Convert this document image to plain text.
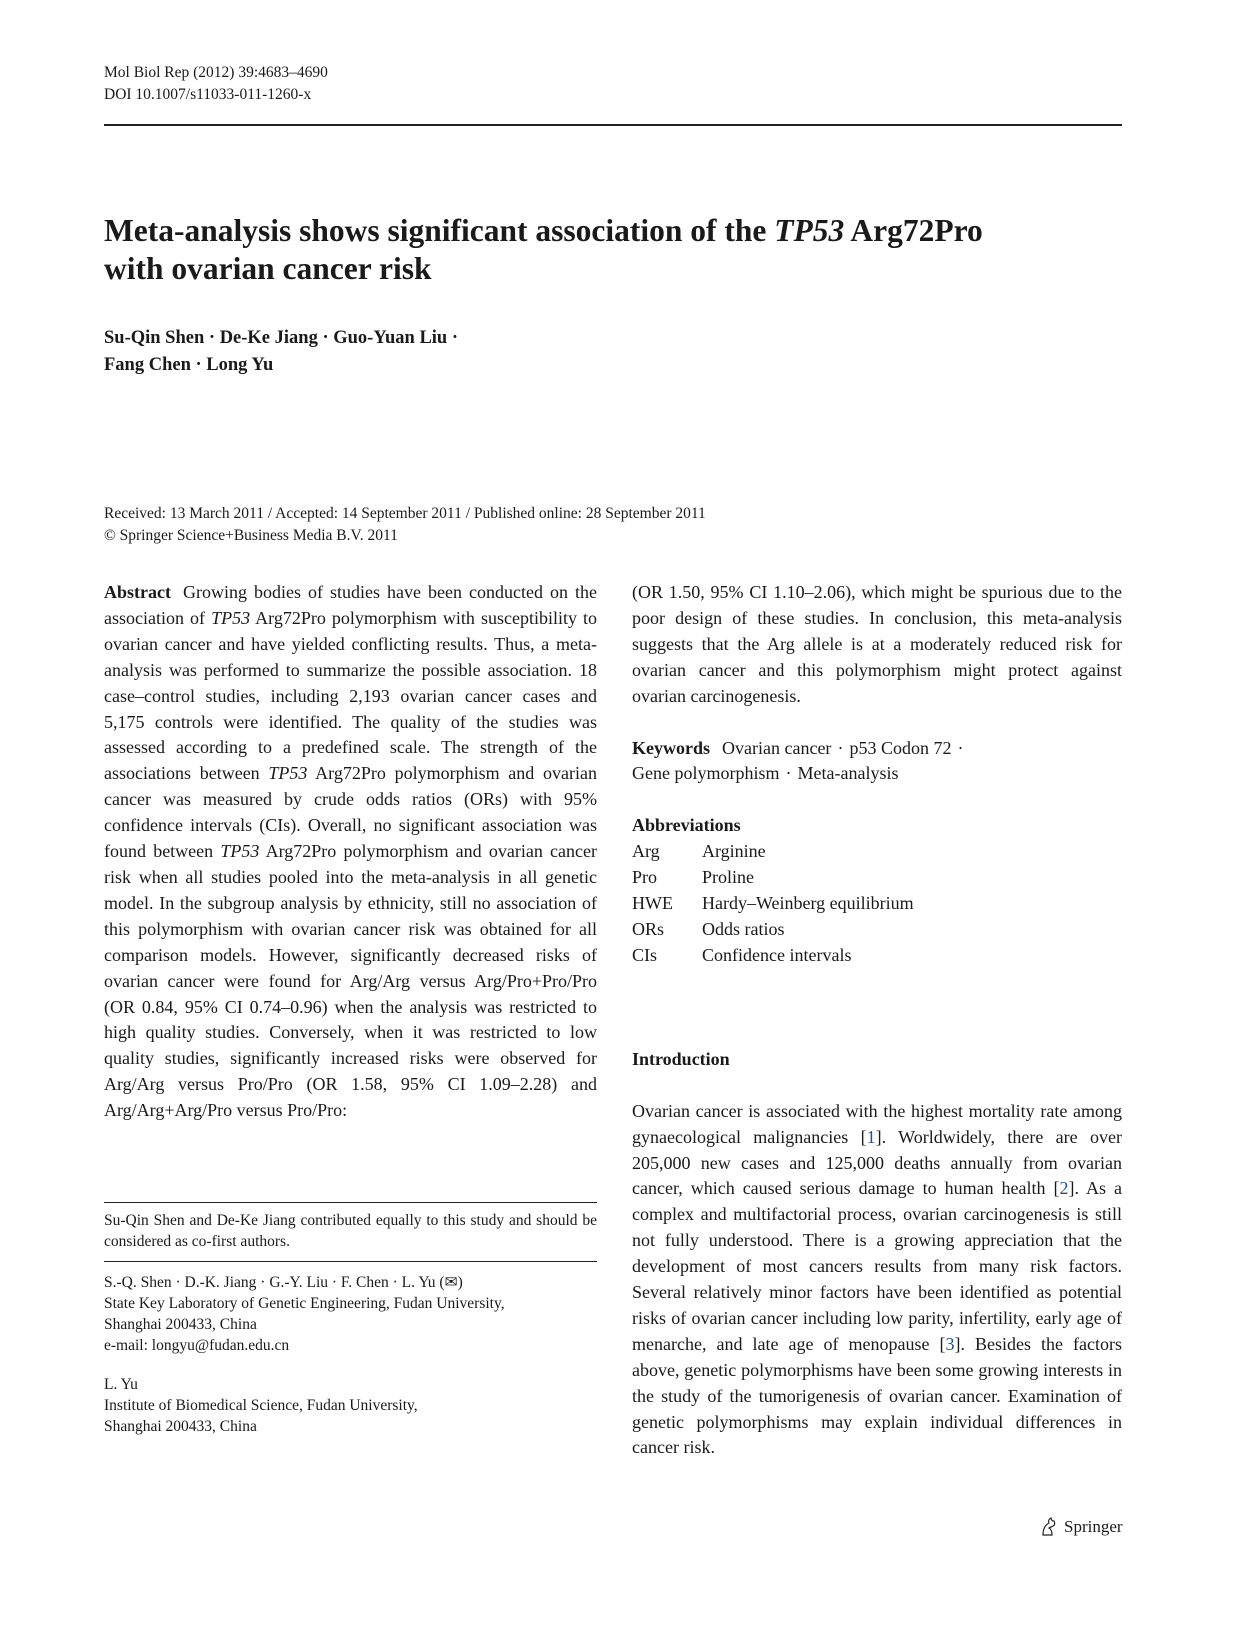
Mol Biol Rep (2012) 39:4683–4690
DOI 10.1007/s11033-011-1260-x
Meta-analysis shows significant association of the TP53 Arg72Pro
with ovarian cancer risk
Su-Qin Shen · De-Ke Jiang · Guo-Yuan Liu ·
Fang Chen · Long Yu
Received: 13 March 2011 / Accepted: 14 September 2011 / Published online: 28 September 2011
© Springer Science+Business Media B.V. 2011

Abstract Growing bodies of studies have been conducted on the association of TP53 Arg72Pro polymorphism with susceptibility to ovarian cancer and have yielded conflicting results. Thus, a meta-analysis was performed to summarize the possible association. 18 case–control studies, including 2,193 ovarian cancer cases and 5,175 controls were identified. The quality of the studies was assessed according to a predefined scale. The strength of the associations between TP53 Arg72Pro polymorphism and ovarian cancer was measured by crude odds ratios (ORs) with 95% confidence intervals (CIs). Overall, no significant association was found between TP53 Arg72Pro polymorphism and ovarian cancer risk when all studies pooled into the meta-analysis in all genetic model. In the subgroup analysis by ethnicity, still no association of this polymorphism with ovarian cancer risk was obtained for all comparison models. However, significantly decreased risks of ovarian cancer were found for Arg/Arg versus Arg/Pro+Pro/Pro (OR 0.84, 95% CI 0.74–0.96) when the analysis was restricted to high quality studies. Conversely, when it was restricted to low quality studies, significantly increased risks were observed for Arg/Arg versus Pro/Pro (OR 1.58, 95% CI 1.09–2.28) and Arg/Arg+Arg/Pro versus Pro/Pro:

Su-Qin Shen and De-Ke Jiang contributed equally to this study and should be considered as co-first authors.
S.-Q. Shen · D.-K. Jiang · G.-Y. Liu · F. Chen · L. Yu (✉)
State Key Laboratory of Genetic Engineering, Fudan University,
Shanghai 200433, China
e-mail: longyu@fudan.edu.cn
L. Yu
Institute of Biomedical Science, Fudan University,
Shanghai 200433, China

(OR 1.50, 95% CI 1.10–2.06), which might be spurious due to the poor design of these studies. In conclusion, this meta-analysis suggests that the Arg allele is at a moderately reduced risk for ovarian cancer and this polymorphism might protect against ovarian carcinogenesis.

Keywords Ovarian cancer · p53 Codon 72 ·
Gene polymorphism · Meta-analysis

Abbreviations

Arg	Arginine
Pro	Proline
HWE	Hardy–Weinberg equilibrium
ORs	Odds ratios
CIs	Confidence intervals

Introduction

Ovarian cancer is associated with the highest mortality rate among gynaecological malignancies [1]. Worldwidely, there are over 205,000 new cases and 125,000 deaths annually from ovarian cancer, which caused serious damage to human health [2]. As a complex and multifactorial process, ovarian carcinogenesis is still not fully understood. There is a growing appreciation that the development of most cancers results from many risk factors. Several relatively minor factors have been identified as potential risks of ovarian cancer including low parity, infertility, early age of menarche, and late age of menopause [3]. Besides the factors above, genetic polymorphisms have been some growing interests in the study of the tumorigenesis of ovarian cancer. Examination of genetic polymorphisms may explain individual differences in cancer risk.

Springer
